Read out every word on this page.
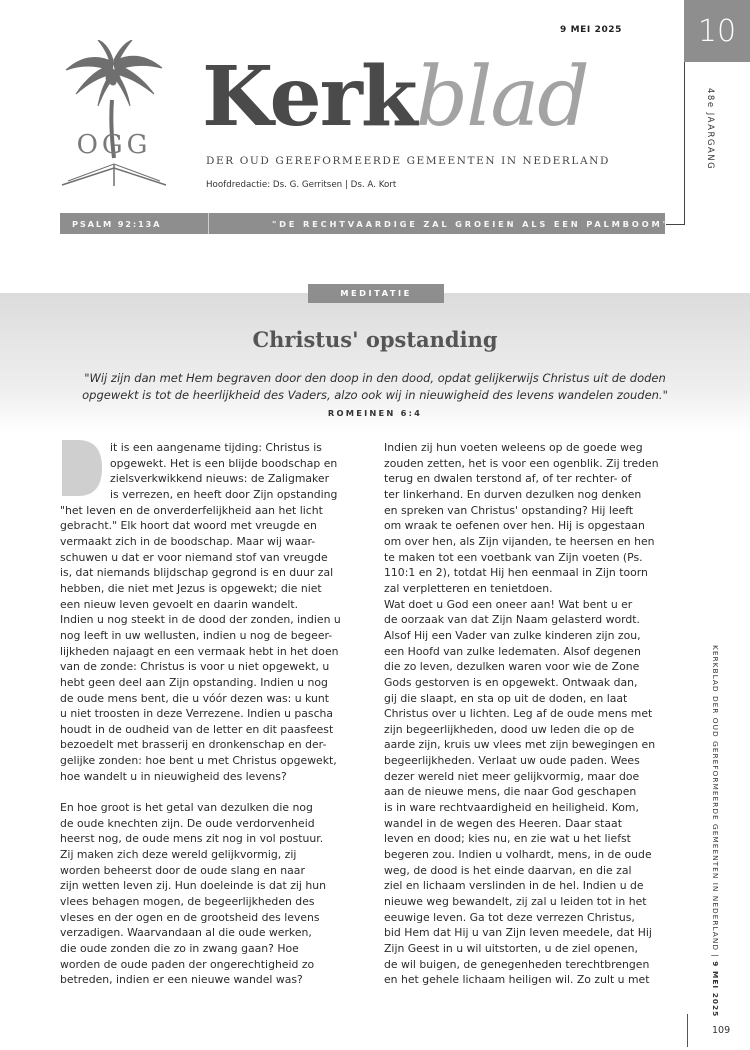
10
48e JAARGANG
9 MEI 2025
OGG Kerkblad
DER OUD GEREFORMEERDE GEMEENTEN IN NEDERLAND
Hoofdredactie: Ds. G. Gerritsen | Ds. A. Kort
PSALM 92:13A	"DE RECHTVAARDIGE ZAL GROEIEN ALS EEN PALMBOOM"
MEDITATIE
Christus' opstanding
"Wij zijn dan met Hem begraven door den doop in den dood, opdat gelijkerwijs Christus uit de doden opgewekt is tot de heerlijkheid des Vaders, alzo ook wij in nieuwigheid des levens wandelen zouden."
ROMEINEN 6:4

it is een aangename tijding: Christus is
opgewekt. Het is een blijde boodschap en
zielsverkwikkend nieuws: de Zaligmaker
is verrezen, en heeft door Zijn opstanding
"het leven en de onverderfelijkheid aan het licht
gebracht." Elk hoort dat woord met vreugde en
vermaakt zich in de boodschap. Maar wij waar-
schuwen u dat er voor niemand stof van vreugde
is, dat niemands blijdschap gegrond is en duur zal
hebben, die niet met Jezus is opgewekt; die niet
een nieuw leven gevoelt en daarin wandelt.
Indien u nog steekt in de dood der zonden, indien u
nog leeft in uw wellusten, indien u nog de begeer-
lijkheden najaagt en een vermaak hebt in het doen
van de zonde: Christus is voor u niet opgewekt, u
hebt geen deel aan Zijn opstanding. Indien u nog
de oude mens bent, die u vóór dezen was: u kunt
u niet troosten in deze Verrezene. Indien u pascha
houdt in de oudheid van de letter en dit paasfeest
bezoedelt met brasserij en dronkenschap en der-
gelijke zonden: hoe bent u met Christus opgewekt,
hoe wandelt u in nieuwigheid des levens?

En hoe groot is het getal van dezulken die nog
de oude knechten zijn. De oude verdorvenheid
heerst nog, de oude mens zit nog in vol postuur.
Zij maken zich deze wereld gelijkvormig, zij
worden beheerst door de oude slang en naar
zijn wetten leven zij. Hun doeleinde is dat zij hun
vlees behagen mogen, de begeerlijkheden des
vleses en der ogen en de grootsheid des levens
verzadigen. Waarvandaan al die oude werken,
die oude zonden die zo in zwang gaan? Hoe
worden de oude paden der ongerechtigheid zo
betreden, indien er een nieuwe wandel was?

Indien zij hun voeten weleens op de goede weg
zouden zetten, het is voor een ogenblik. Zij treden
terug en dwalen terstond af, of ter rechter- of
ter linkerhand. En durven dezulken nog denken
en spreken van Christus' opstanding? Hij leeft
om wraak te oefenen over hen. Hij is opgestaan
om over hen, als Zijn vijanden, te heersen en hen
te maken tot een voetbank van Zijn voeten (Ps.
110:1 en 2), totdat Hij hen eenmaal in Zijn toorn
zal verpletteren en tenietdoen.
Wat doet u God een oneer aan! Wat bent u er
de oorzaak van dat Zijn Naam gelasterd wordt.
Alsof Hij een Vader van zulke kinderen zijn zou,
een Hoofd van zulke ledematen. Alsof degenen
die zo leven, dezulken waren voor wie de Zone
Gods gestorven is en opgewekt. Ontwaak dan,
gij die slaapt, en sta op uit de doden, en laat
Christus over u lichten. Leg af de oude mens met
zijn begeerlijkheden, dood uw leden die op de
aarde zijn, kruis uw vlees met zijn bewegingen en
begeerlijkheden. Verlaat uw oude paden. Wees
dezer wereld niet meer gelijkvormig, maar doe
aan de nieuwe mens, die naar God geschapen
is in ware rechtvaardigheid en heiligheid. Kom,
wandel in de wegen des Heeren. Daar staat
leven en dood; kies nu, en zie wat u het liefst
begeren zou. Indien u volhardt, mens, in de oude
weg, de dood is het einde daarvan, en die zal
ziel en lichaam verslinden in de hel. Indien u de
nieuwe weg bewandelt, zij zal u leiden tot in het
eeuwige leven. Ga tot deze verrezen Christus,
bid Hem dat Hij u van Zijn leven meedele, dat Hij
Zijn Geest in u wil uitstorten, u de ziel openen,
de wil buigen, de genegenheden terechtbrengen
en het gehele lichaam heiligen wil. Zo zult u met

KERKBLAD DER OUD GEREFORMEERDE GEMEENTEN IN NEDERLAND | 9 MEI 2025
109
